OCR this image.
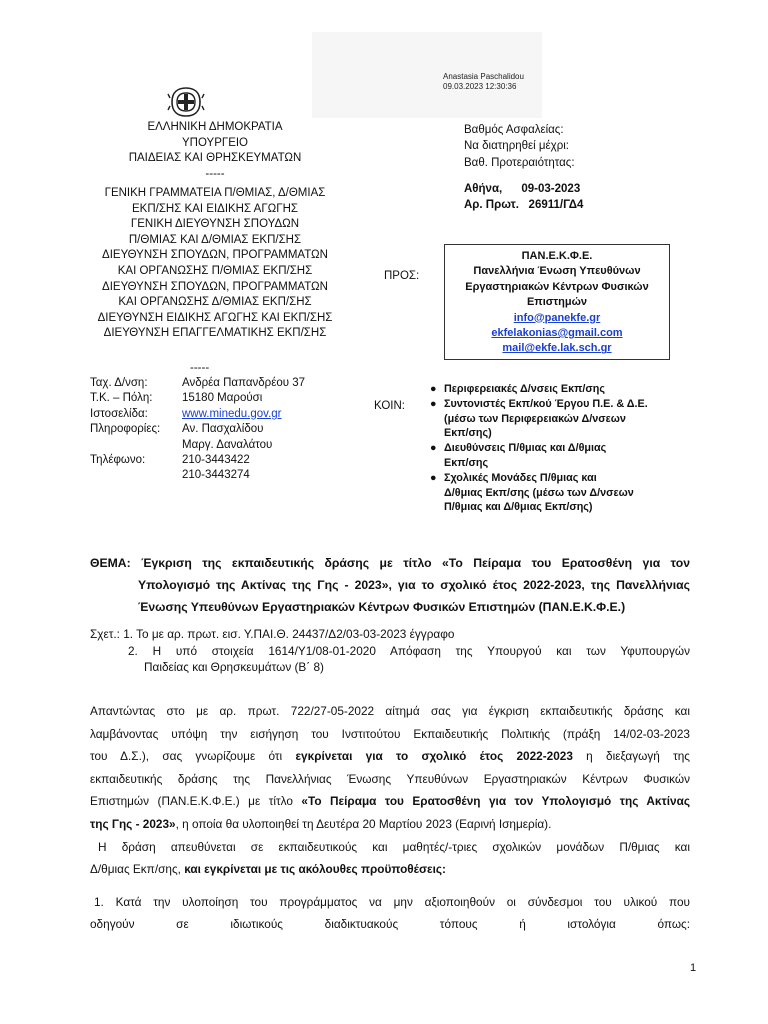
Anastasia Paschalidou
09.03.2023 12:30:36
ΕΛΛΗΝΙΚΗ ΔΗΜΟΚΡΑΤΙΑ
ΥΠΟΥΡΓΕΙΟ
ΠΑΙΔΕΙΑΣ ΚΑΙ ΘΡΗΣΚΕΥΜΑΤΩΝ
-----
ΓΕΝΙΚΗ ΓΡΑΜΜΑΤΕΙΑ Π/ΘΜΙΑΣ, Δ/ΘΜΙΑΣ
ΕΚΠ/ΣΗΣ ΚΑΙ ΕΙΔΙΚΗΣ ΑΓΩΓΗΣ
ΓΕΝΙΚΗ ΔΙΕΥΘΥΝΣΗ ΣΠΟΥΔΩΝ
Π/ΘΜΙΑΣ ΚΑΙ Δ/ΘΜΙΑΣ ΕΚΠ/ΣΗΣ
ΔΙΕΥΘΥΝΣΗ ΣΠΟΥΔΩΝ, ΠΡΟΓΡΑΜΜΑΤΩΝ
ΚΑΙ ΟΡΓΑΝΩΣΗΣ Π/ΘΜΙΑΣ ΕΚΠ/ΣΗΣ
ΔΙΕΥΘΥΝΣΗ ΣΠΟΥΔΩΝ, ΠΡΟΓΡΑΜΜΑΤΩΝ
ΚΑΙ ΟΡΓΑΝΩΣΗΣ Δ/ΘΜΙΑΣ ΕΚΠ/ΣΗΣ
ΔΙΕΥΘΥΝΣΗ ΕΙΔΙΚΗΣ ΑΓΩΓΗΣ ΚΑΙ ΕΚΠ/ΣΗΣ
ΔΙΕΥΘΥΝΣΗ ΕΠΑΓΓΕΛΜΑΤΙΚΗΣ ΕΚΠ/ΣΗΣ
Βαθμός Ασφαλείας:
Να διατηρηθεί μέχρι:
Βαθ. Προτεραιότητας:
Αθήνα, 09-03-2023
Αρ. Πρωτ. 26911/ΓΔ4
ΠΡΟΣ:
ΠΑΝ.Ε.Κ.Φ.Ε.
Πανελλήνια Ένωση Υπευθύνων
Εργαστηριακών Κέντρων Φυσικών
Επιστημών
info@panekfe.gr
ekfelakonias@gmail.com
mail@ekfe.lak.sch.gr
-----
Ταχ. Δ/νση:	Ανδρέα Παπανδρέου 37
Τ.Κ. – Πόλη:	15180 Μαρούσι
Ιστοσελίδα:	www.minedu.gov.gr
Πληροφορίες:	Αν. Πασχαλίδου
Μαργ. Δαναλάτου
Τηλέφωνο:	210-3443422
210-3443274
ΚΟΙΝ:
● Περιφερειακές Δ/νσεις Εκπ/σης
● Συντονιστές Εκπ/κού Έργου Π.Ε. & Δ.Ε.
(μέσω των Περιφερειακών Δ/νσεων
Εκπ/σης)
● Διευθύνσεις Π/θμιας και Δ/θμιας
Εκπ/σης
● Σχολικές Μονάδες Π/θμιας και
Δ/θμιας Εκπ/σης (μέσω των Δ/νσεων
Π/θμιας και Δ/θμιας Εκπ/σης)
ΘΕΜΑ: Έγκριση της εκπαιδευτικής δράσης με τίτλο «Το Πείραμα του Ερατοσθένη για τον
Υπολογισμό της Ακτίνας της Γης - 2023», για το σχολικό έτος 2022-2023, της Πανελλήνιας
Ένωσης Υπευθύνων Εργαστηριακών Κέντρων Φυσικών Επιστημών (ΠΑΝ.Ε.Κ.Φ.Ε.)
Σχετ.: 1. Το με αρ. πρωτ. εισ. Υ.ΠΑΙ.Θ. 24437/Δ2/03-03-2023 έγγραφο
2. Η υπό στοιχεία 1614/Υ1/08-01-2020 Απόφαση της Υπουργού και των Υφυπουργών
Παιδείας και Θρησκευμάτων (Β΄ 8)
Απαντώντας στο με αρ. πρωτ. 722/27-05-2022 αίτημά σας για έγκριση εκπαιδευτικής δράσης και
λαμβάνοντας υπόψη την εισήγηση του Ινστιτούτου Εκπαιδευτικής Πολιτικής (πράξη 14/02-03-2023
του Δ.Σ.), σας γνωρίζουμε ότι εγκρίνεται για το σχολικό έτος 2022-2023 η διεξαγωγή της
εκπαιδευτικής δράσης της Πανελλήνιας Ένωσης Υπευθύνων Εργαστηριακών Κέντρων Φυσικών
Επιστημών (ΠΑΝ.Ε.Κ.Φ.Ε.) με τίτλο «Το Πείραμα του Ερατοσθένη για τον Υπολογισμό της Ακτίνας
της Γης - 2023», η οποία θα υλοποιηθεί τη Δευτέρα 20 Μαρτίου 2023 (Εαρινή Ισημερία).
Η δράση απευθύνεται σε εκπαιδευτικούς και μαθητές/-τριες σχολικών μονάδων Π/θμιας και
Δ/θμιας Εκπ/σης, και εγκρίνεται με τις ακόλουθες προϋποθέσεις:
1. Κατά την υλοποίηση του προγράμματος να μην αξιοποιηθούν οι σύνδεσμοι του υλικού που
οδηγούν σε ιδιωτικούς διαδικτυακούς τόπους ή ιστολόγια όπως:
1
